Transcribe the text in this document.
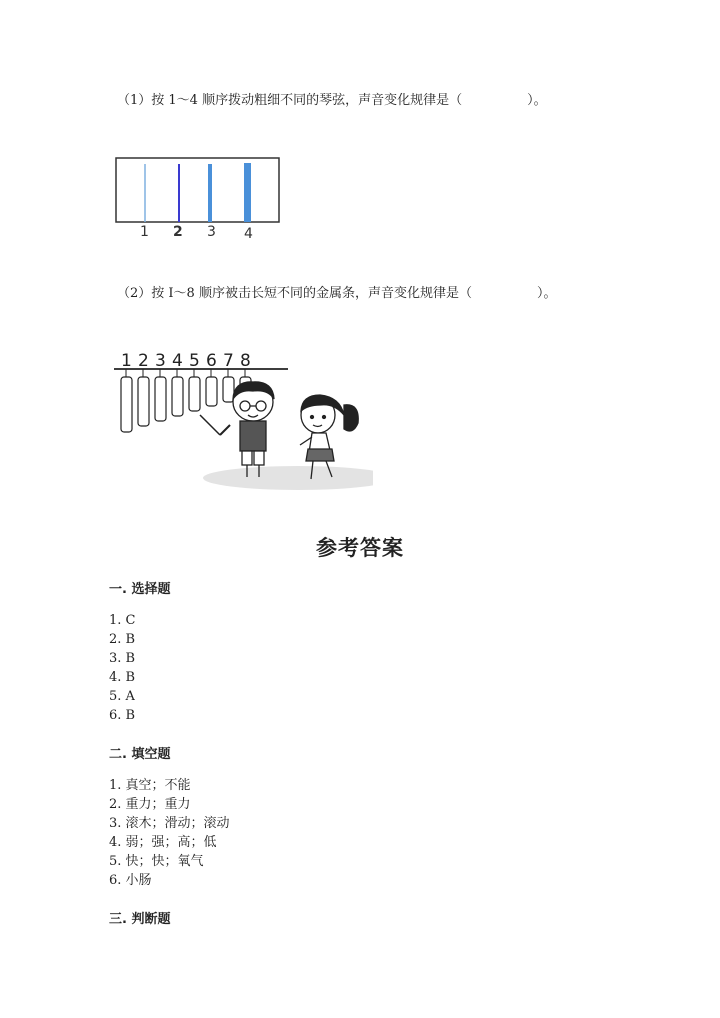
（1）按 1～4 顺序拨动粗细不同的琴弦，声音变化规律是（　　　　　）。
1 2 3 4
（2）按 I～8 顺序被击长短不同的金属条，声音变化规律是（　　　　　）。
1 2 3 4 5 6 7 8
参考答案
一. 选择题
1. C
2. B
3. B
4. B
5. A
6. B
二. 填空题
1. 真空；不能
2. 重力；重力
3. 滚木；滑动；滚动
4. 弱；强；高；低
5. 快；快；氧气
6. 小肠
三. 判断题
